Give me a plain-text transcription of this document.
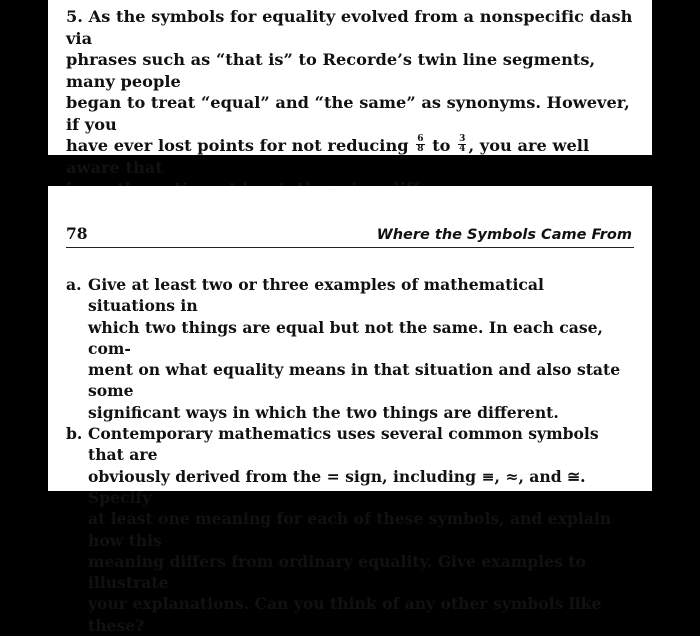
5. As the symbols for equality evolved from a nonspecific dash via
phrases such as “that is” to Recorde’s twin line segments, many people
began to treat “equal” and “the same” as synonyms. However, if you
have ever lost points for not reducing $\frac{6}{8}$ to $\frac{3}{4}$ , you are well aware that

78	Where the Symbols Came From
a. Give at least two or three examples of mathematical situations in
which two things are equal but not the same. In each case, com-
ment on what equality means in that situation and also state some
significant ways in which the two things are different.
b. Contemporary mathematics uses several common symbols that are
obviously derived from the = sign, including ≡, ≈, and ≅. Specify
at least one meaning for each of these symbols, and explain how this
meaning differs from ordinary equality. Give examples to illustrate
your explanations. Can you think of any other symbols like these?
